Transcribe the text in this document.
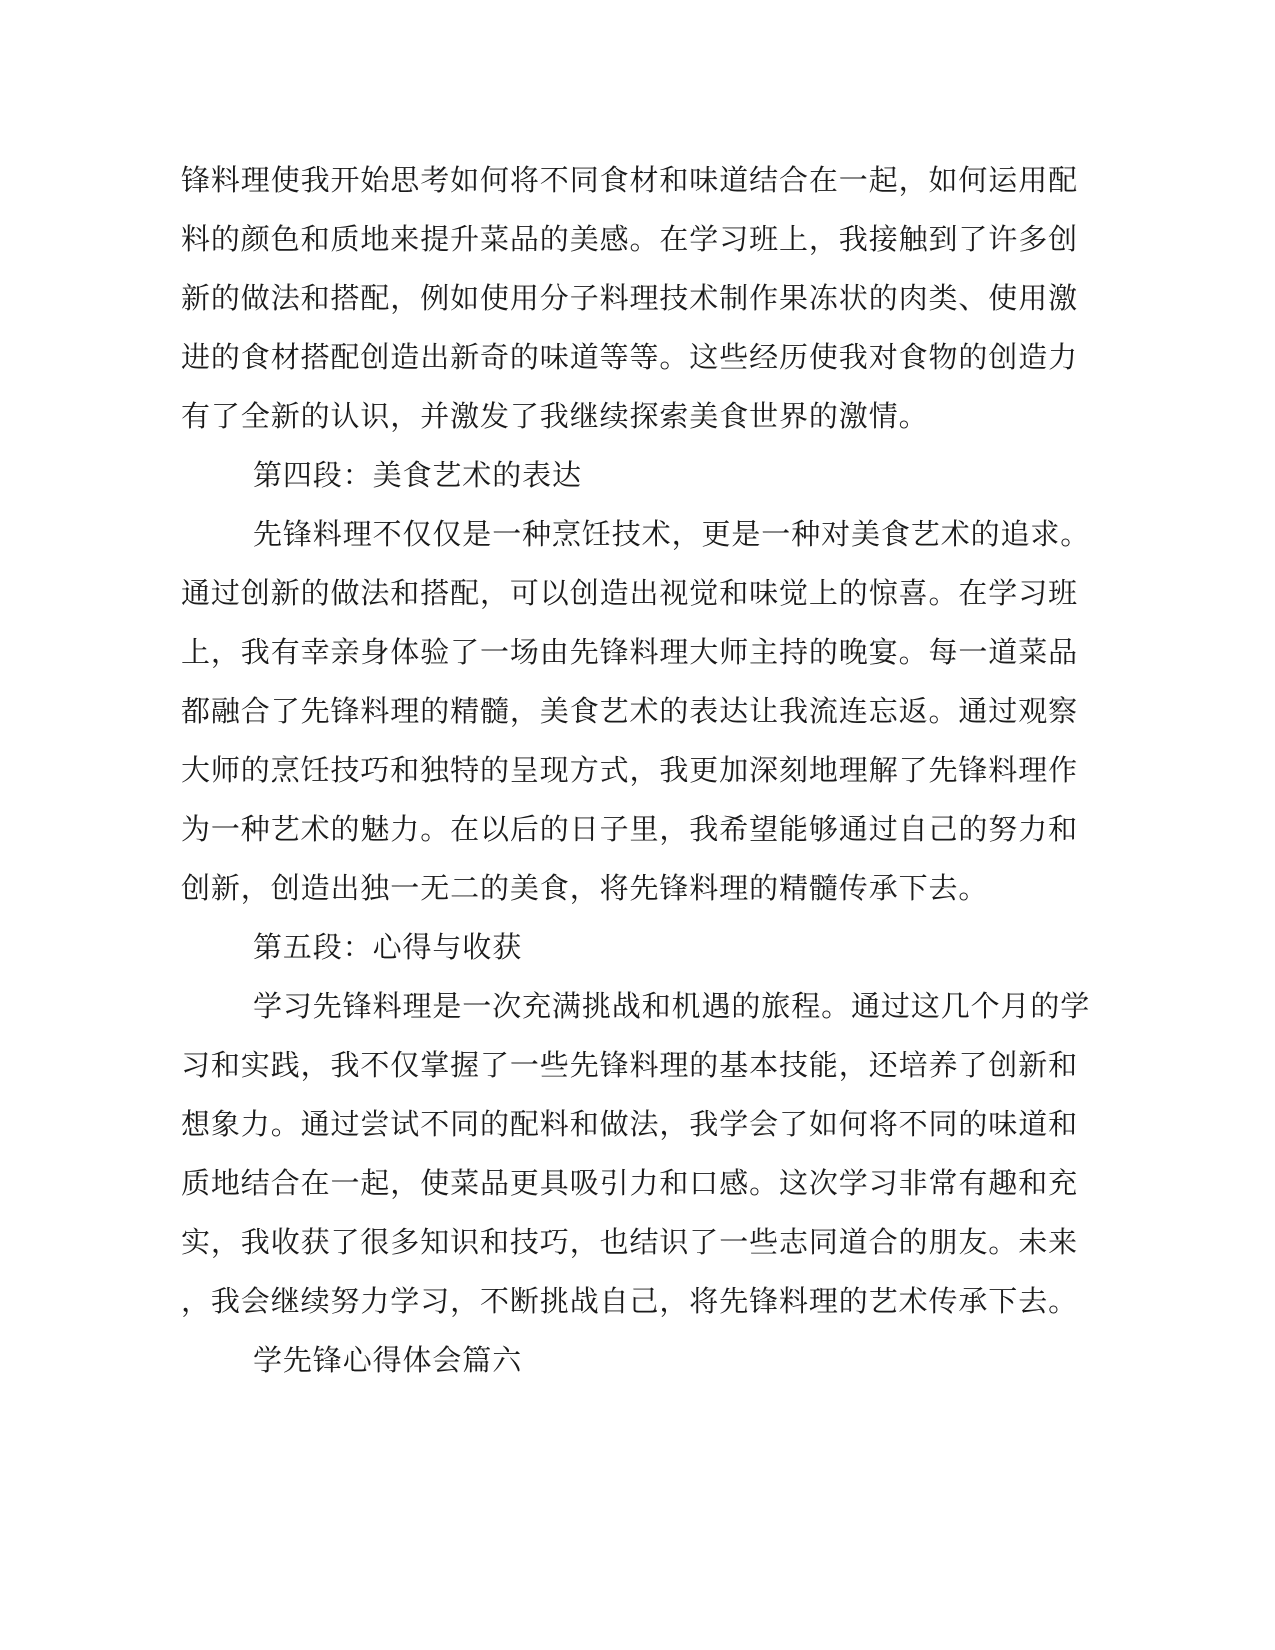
锋料理使我开始思考如何将不同食材和味道结合在一起，如何运用配
料的颜色和质地来提升菜品的美感。在学习班上，我接触到了许多创
新的做法和搭配，例如使用分子料理技术制作果冻状的肉类、使用激
进的食材搭配创造出新奇的味道等等。这些经历使我对食物的创造力
有了全新的认识，并激发了我继续探索美食世界的激情。
第四段：美食艺术的表达
先锋料理不仅仅是一种烹饪技术，更是一种对美食艺术的追求。
通过创新的做法和搭配，可以创造出视觉和味觉上的惊喜。在学习班
上，我有幸亲身体验了一场由先锋料理大师主持的晚宴。每一道菜品
都融合了先锋料理的精髓，美食艺术的表达让我流连忘返。通过观察
大师的烹饪技巧和独特的呈现方式，我更加深刻地理解了先锋料理作
为一种艺术的魅力。在以后的日子里，我希望能够通过自己的努力和
创新，创造出独一无二的美食，将先锋料理的精髓传承下去。
第五段：心得与收获
学习先锋料理是一次充满挑战和机遇的旅程。通过这几个月的学
习和实践，我不仅掌握了一些先锋料理的基本技能，还培养了创新和
想象力。通过尝试不同的配料和做法，我学会了如何将不同的味道和
质地结合在一起，使菜品更具吸引力和口感。这次学习非常有趣和充
实，我收获了很多知识和技巧，也结识了一些志同道合的朋友。未来
，我会继续努力学习，不断挑战自己，将先锋料理的艺术传承下去。
学先锋心得体会篇六
